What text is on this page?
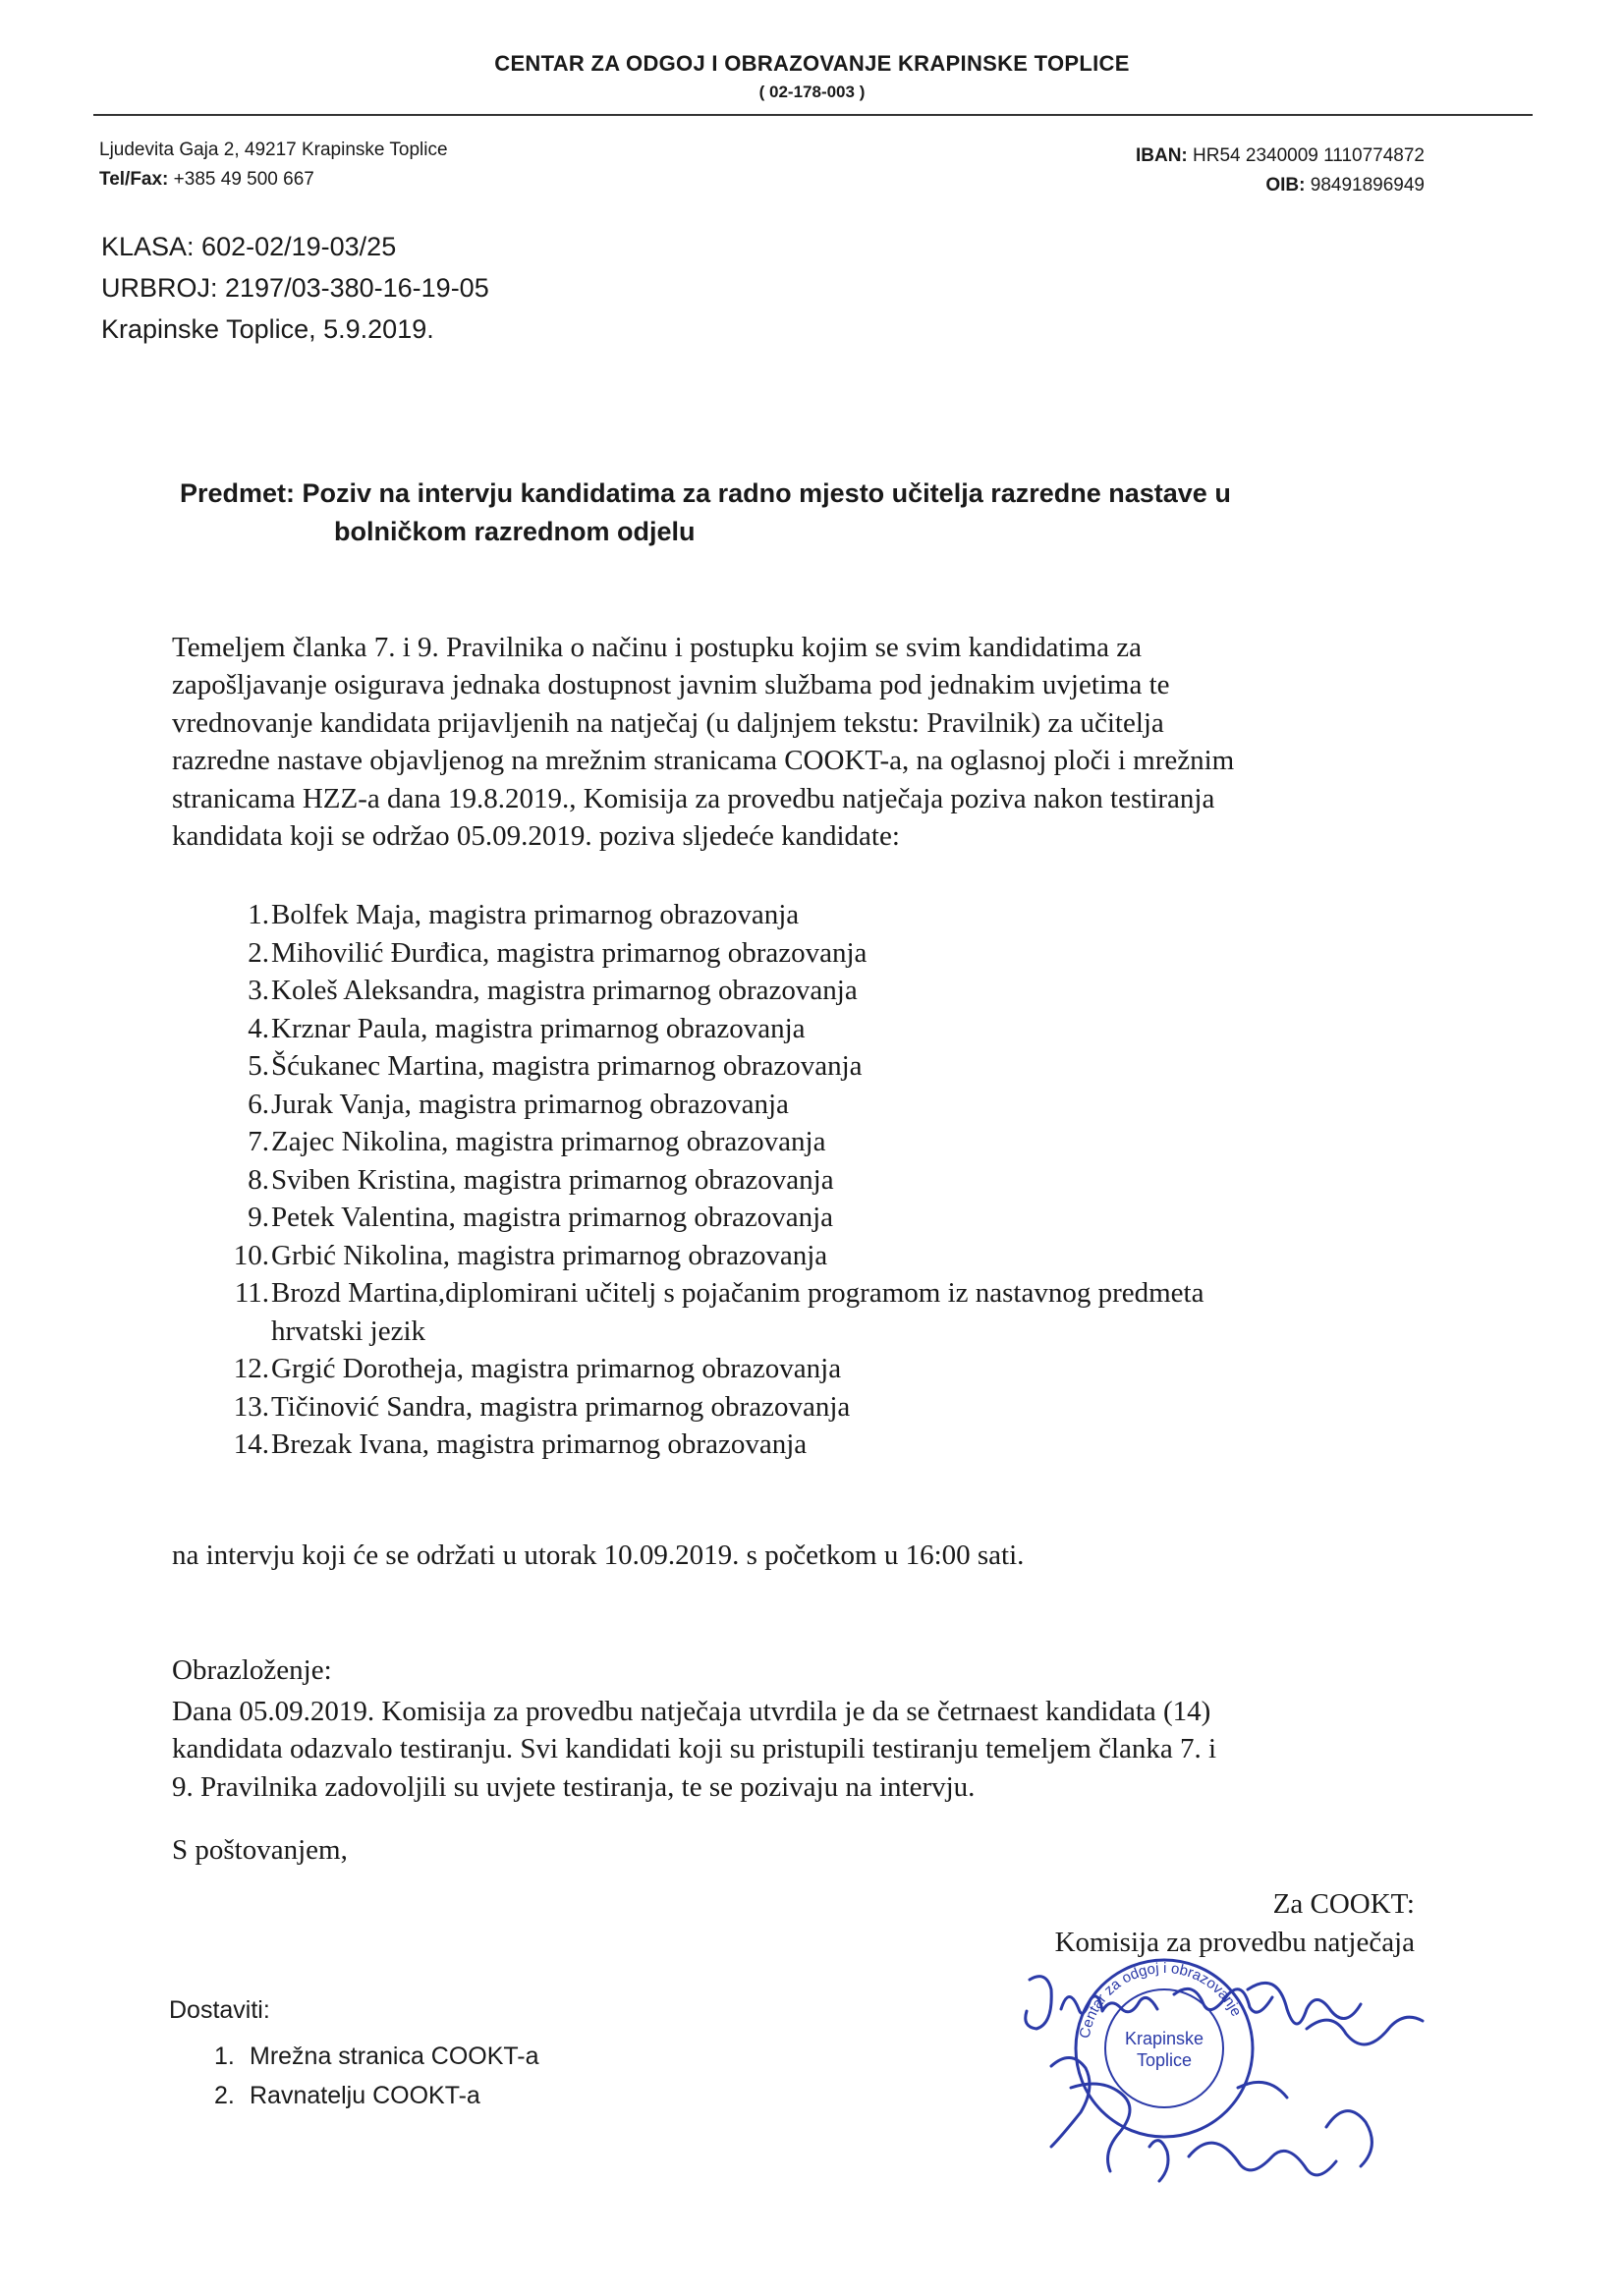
CENTAR ZA ODGOJ I OBRAZOVANJE KRAPINSKE TOPLICE
( 02-178-003 )
Ljudevita Gaja 2, 49217 Krapinske Toplice
Tel/Fax: +385 49 500 667
IBAN: HR54 2340009 1110774872
OIB: 98491896949
KLASA: 602-02/19-03/25
URBROJ: 2197/03-380-16-19-05
Krapinske Toplice, 5.9.2019.
Predmet: Poziv na intervju kandidatima za radno mjesto učitelja razredne nastave u
bolničkom razrednom odjelu
Temeljem članka 7. i 9. Pravilnika o načinu i postupku kojim se svim kandidatima za
zapošljavanje osigurava jednaka dostupnost javnim službama pod jednakim uvjetima te
vrednovanje kandidata prijavljenih na natječaj (u daljnjem tekstu: Pravilnik) za učitelja
razredne nastave objavljenog na mrežnim stranicama COOKT-a, na oglasnoj ploči i mrežnim
stranicama HZZ-a dana 19.8.2019., Komisija za provedbu natječaja poziva nakon testiranja
kandidata koji se održao 05.09.2019. poziva sljedeće kandidate:
1.Bolfek Maja, magistra primarnog obrazovanja
2.Mihovilić Đurđica, magistra primarnog obrazovanja
3.Koleš Aleksandra, magistra primarnog obrazovanja
4.Krznar Paula, magistra primarnog obrazovanja
5.Šćukanec Martina, magistra primarnog obrazovanja
6.Jurak Vanja, magistra primarnog obrazovanja
7.Zajec Nikolina, magistra primarnog obrazovanja
8.Sviben Kristina, magistra primarnog obrazovanja
9.Petek Valentina, magistra primarnog obrazovanja
10.Grbić Nikolina, magistra primarnog obrazovanja
11.Brozd Martina,diplomirani učitelj s pojačanim programom iz nastavnog predmeta
hrvatski jezik
12.Grgić Dorotheja, magistra primarnog obrazovanja
13.Tičinović Sandra, magistra primarnog obrazovanja
14.Brezak Ivana, magistra primarnog obrazovanja
na intervju koji će se održati u utorak 10.09.2019. s početkom u 16:00 sati.
Obrazloženje:
Dana 05.09.2019. Komisija za provedbu natječaja utvrdila je da se četrnaest kandidata (14)
kandidata odazvalo testiranju. Svi kandidati koji su pristupili testiranju temeljem članka 7. i
9. Pravilnika zadovoljili su uvjete testiranja, te se pozivaju na intervju.
S poštovanjem,
Za COOKT:
Komisija za provedbu natječaja
Centar za odgoj i obrazovanje
Krapinske
Toplice
Dostaviti:
1. Mrežna stranica COOKT-a
2. Ravnatelju COOKT-a
